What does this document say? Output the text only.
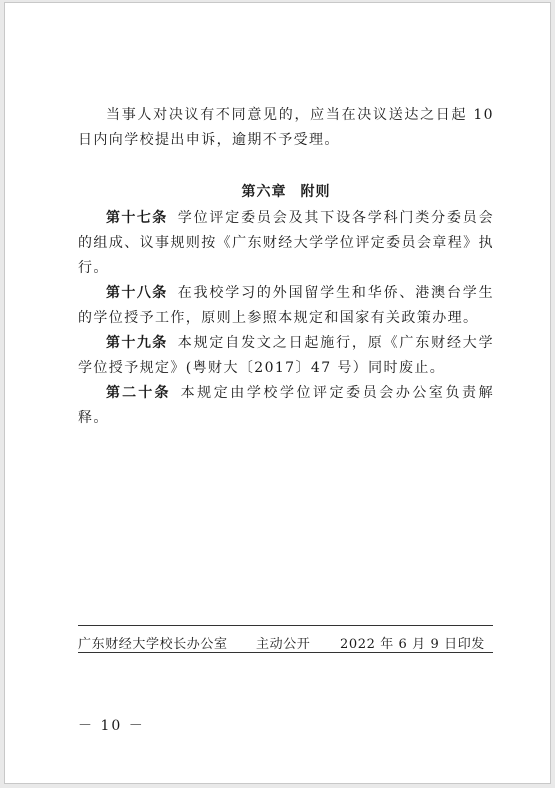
当事人对决议有不同意见的，应当在决议送达之日起 10 日内向学校提出申诉，逾期不予受理。

第六章 附则

第十七条 学位评定委员会及其下设各学科门类分委员会的组成、议事规则按《广东财经大学学位评定委员会章程》执行。

第十八条 在我校学习的外国留学生和华侨、港澳台学生的学位授予工作，原则上参照本规定和国家有关政策办理。

第十九条 本规定自发文之日起施行，原《广东财经大学学位授予规定》(粤财大〔2017〕47 号）同时废止。

第二十条 本规定由学校学位评定委员会办公室负责解释。

广东财经大学校长办公室	主动公开	2022 年 6 月 9 日印发
－ 10 －
